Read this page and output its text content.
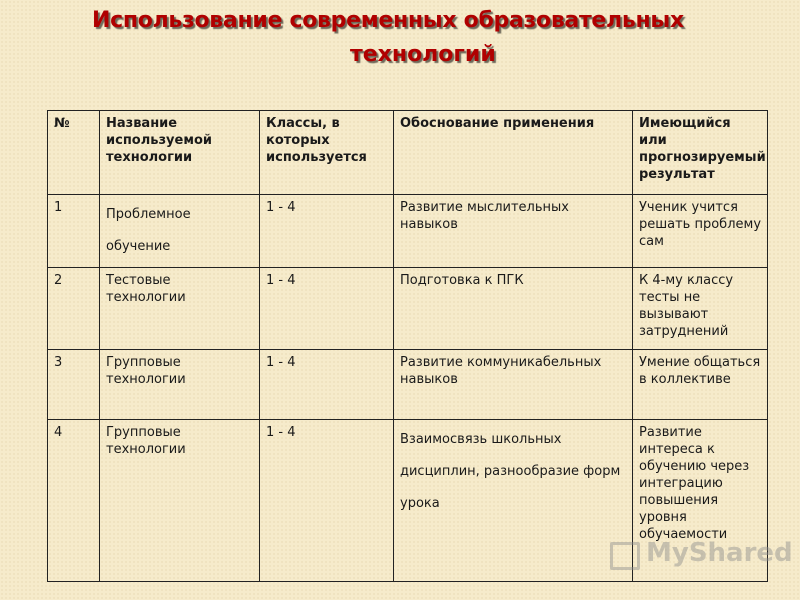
Использование современных образовательных
технологий
№	Название используемой технологии	Классы, в которых используется	Обоснование применения	Имеющийся или прогнозируемый результат
1	Проблемное обучение	1 - 4	Развитие мыслительных навыков	Ученик учится решать проблему сам
2	Тестовые технологии	1 - 4	Подготовка к ПГК	К 4-му классу тесты не вызывают затруднений
3	Групповые технологии	1 - 4	Развитие коммуникабельных навыков	Умение общаться в коллективе
4	Групповые технологии	1 - 4	Взаимосвязь школьных дисциплин, разнообразие форм урока	Развитие интереса к обучению через интеграцию повышения уровня обучаемости
MyShared
